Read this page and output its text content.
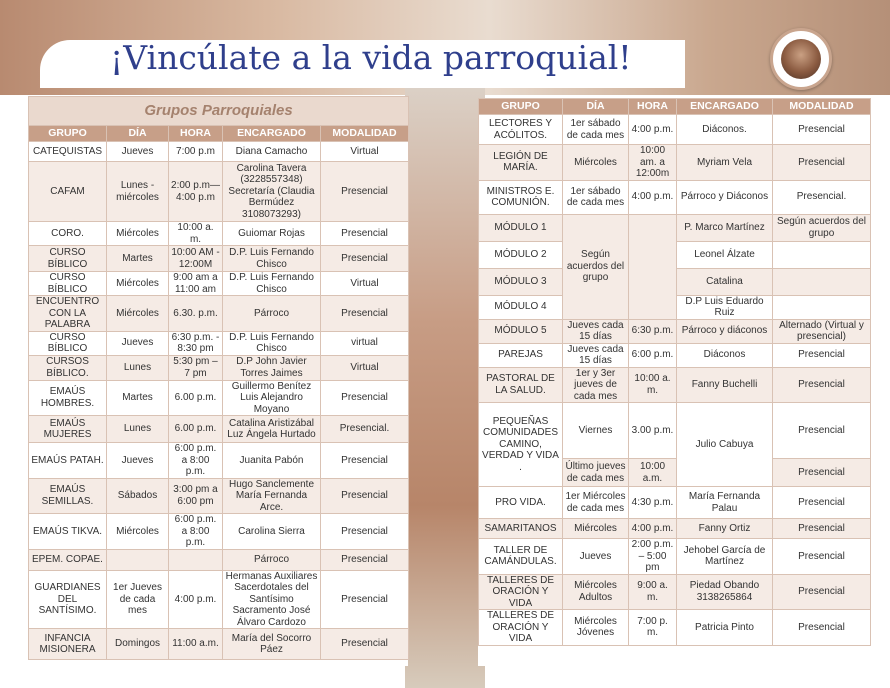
¡Vincúlate a la vida parroquial!
Grupos Parroquiales				
GRUPO	DÍA	HORA	ENCARGADO	MODALIDAD
CATEQUISTAS	Jueves	7:00 p.m	Diana Camacho	Virtual
CAFAM	Lunes - miércoles	2:00 p.m— 4:00 p.m	Carolina Tavera (3228557348) Secretaría (Claudia Bermúdez 3108073293)	Presencial
CORO.	Miércoles	10:00 a. m.	Guiomar Rojas	Presencial
CURSO BÍBLICO	Martes	10:00 AM - 12:00M	D.P. Luis Fernando Chisco	Presencial
CURSO BÍBLICO	Miércoles	9:00 am a 11:00 am	D.P. Luis Fernando Chisco	Virtual
ENCUENTRO CON LA PALABRA	Miércoles	6.30. p.m.	Párroco	Presencial
CURSO BÍBLICO	Jueves	6:30 p.m. - 8:30 pm	D.P. Luis Fernando Chisco	virtual
CURSOS BÍBLICO.	Lunes	5:30 pm – 7 pm	D.P John Javier Torres Jaimes	Virtual
EMAÚS HOMBRES.	Martes	6.00 p.m.	Guillermo Benítez Luis Alejandro Moyano	Presencial
EMAÚS MUJERES	Lunes	6.00 p.m.	Catalina Aristizábal Luz Ángela Hurtado	Presencial.
EMAÚS PATAH.	Jueves	6:00 p.m. a 8:00 p.m.	Juanita Pabón	Presencial
EMAÚS SEMILLAS.	Sábados	3:00 pm a 6:00 pm	Hugo Sanclemente María Fernanda Arce.	Presencial
EMAÚS TIKVA.	Miércoles	6:00 p.m. a 8:00 p.m.	Carolina Sierra	Presencial
EPEM. COPAE.			Párroco	Presencial
GUARDIANES DEL SANTÍSIMO.	1er Jueves de cada mes	4:00 p.m.	Hermanas Auxiliares Sacerdotales del Santísimo Sacramento José Álvaro Cardozo	Presencial
INFANCIA MISIONERA	Domingos	11:00 a.m.	María del Socorro Páez	Presencial
GRUPO	DÍA	HORA	ENCARGADO	MODALIDAD
LECTORES Y ACÓLITOS.	1er sábado de cada mes	4:00 p.m.	Diáconos.	Presencial
LEGIÓN DE MARÍA.	Miércoles	10:00 am. a 12:00m	Myriam Vela	Presencial
MINISTROS E. COMUNIÓN.	1er sábado de cada mes	4:00 p.m.	Párroco y Diáconos	Presencial.
MÓDULO 1	Según acuerdos del grupo		P. Marco Martínez	Según acuerdos del grupo
MÓDULO 2			Leonel Álzate	
MÓDULO 3			Catalina	
MÓDULO 4			D.P Luis Eduardo Ruiz	
MÓDULO 5	Jueves cada 15 días	6:30 p.m.	Párroco y diáconos	Alternado (Virtual y presencial)
PAREJAS	Jueves cada 15 días	6:00 p.m.	Diáconos	Presencial
PASTORAL DE LA SALUD.	1er y 3er jueves de cada mes	10:00 a. m.	Fanny Buchelli	Presencial
PEQUEÑAS COMUNIDADES CAMINO, VERDAD Y VIDA .	Viernes	3.00 p.m.	Julio Cabuya	Presencial
	Último jueves de cada mes	10:00 a.m.		Presencial
PRO VIDA.	1er Miércoles de cada mes	4:30 p.m.	María Fernanda Palau	Presencial
SAMARITANOS	Miércoles	4:00 p.m.	Fanny Ortiz	Presencial
TALLER DE CAMÁNDULAS.	Jueves	2:00 p.m. – 5:00 pm	Jehobel García de Martínez	Presencial
TALLERES DE ORACIÓN Y VIDA	Miércoles Adultos	9:00 a. m.	Piedad Obando 3138265864	Presencial
TALLERES DE ORACIÓN Y VIDA	Miércoles Jóvenes	7:00 p. m.	Patricia Pinto	Presencial
